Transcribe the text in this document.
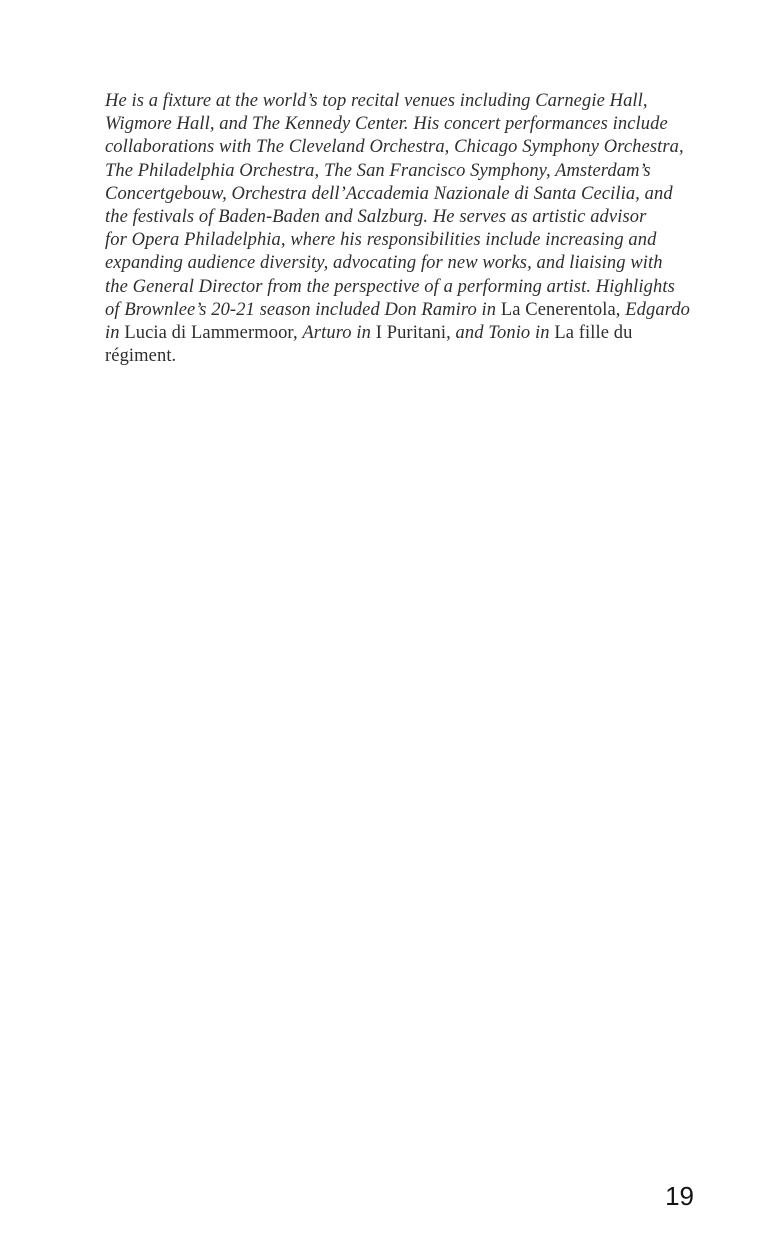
He is a fixture at the world’s top recital venues including Carnegie Hall,
Wigmore Hall, and The Kennedy Center. His concert performances include
collaborations with The Cleveland Orchestra, Chicago Symphony Orchestra,
The Philadelphia Orchestra, The San Francisco Symphony, Amsterdam’s
Concertgebouw, Orchestra dell’Accademia Nazionale di Santa Cecilia, and
the festivals of Baden-Baden and Salzburg. He serves as artistic advisor
for Opera Philadelphia, where his responsibilities include increasing and
expanding audience diversity, advocating for new works, and liaising with
the General Director from the perspective of a performing artist. Highlights
of Brownlee’s 20-21 season included Don Ramiro in La Cenerentola, Edgardo
in Lucia di Lammermoor, Arturo in I Puritani, and Tonio in La fille du
régiment.
19
